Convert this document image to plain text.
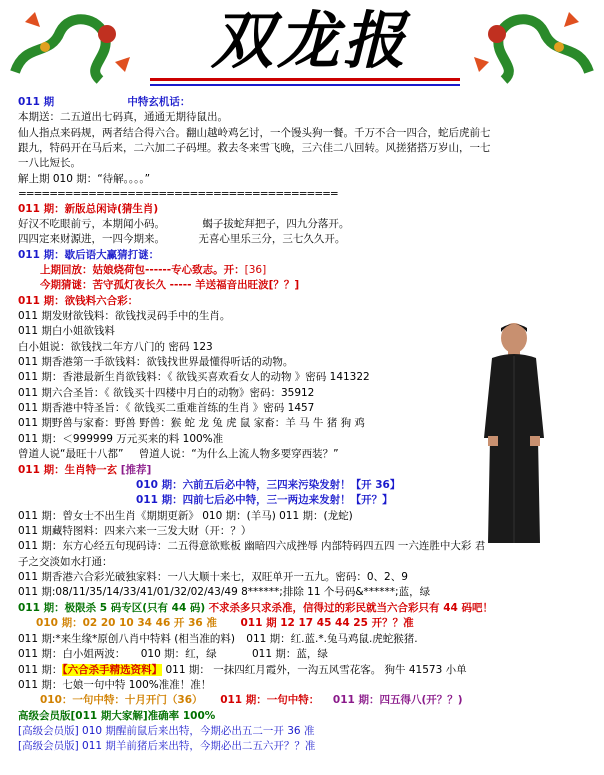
双龙报
011 期	中特玄机话：
本期送：二五道出七码真，通通无期待鼠出。
仙人指点来码规，两者结合得六合。翻山越岭鸡乞讨，一个馒头狗一餐。千万不合一四合，蛇后虎前七
跟九，特码开在马后来，二六加二子码埋。救去冬来雪飞晚，三六佳二八回转。风搓猪搭万岁山，一七
一八比短长。
解上期 010 期：“待解。。。。”
=========================================
011 期：新版总闲诗(猜生肖)
好汉不吃眼前亏，本期闻小码。	蝎子拔蛇拜把子，四九分落开。
四四定来财源进，一四今期来。	无喜心里乐三分，三七久久开。
011 期：歇后语大赢猜打谜：
上期回放：姑娘烧荷包------专心致志。开：[36]
今期猜谜：苦守孤灯夜长久 ----- 羊送福音出旺波[？？]
011 期：欲钱料六合彩：
011 期发财欲钱料：欲钱找灵码手中的生肖。
011 期白小姐欲钱料
白小姐说：欲钱找二年方八门的 密码 123
011 期香港第一手欲钱料：欲钱找世界最懂得听话的动物。
011 期：香港最新生肖欲钱料：《 欲钱买喜欢看女人的动物 》密码 141322
011 期六合圣旨：《 欲钱买十四楼中月白的动物》密码：35912
011 期香港中特圣旨：《 欲钱买二重难首练的生肖 》密码 1457
011 期野兽与家畜：野兽 野兽：猴 蛇 龙 兔 虎 鼠 家畜：羊 马 牛 猪 狗 鸡
011 期：＜999999 万元买来的料 100%准
曾道人说“最旺十八都” 曾道人说：“为什么上流人物多要穿西装？”
011 期：生肖特一玄 [推荐]
010 期：六前五后必中特，三四来污染发射！【开 36】
011 期：四前七后必中特，三一两边来发射！【开？】
011 期：曾女士不出生肖《期期更新》 010 期：(羊马) 011 期：(龙蛇)
011 期藏特图料：四来六来一三发大财（开：？）
011 期：东方心经五句现码诗：二五得意欲账板 幽暗四六成挫辱 内部特码四五四 一六连胜中大彩 君
子之交淡如水打通：
011 期香港六合彩光破独家料：一八大顺十来七，双旺单开一五九。密码：0、2、9
011 期:08/11/35/14/33/41/01/32/02/43/49 8******;排除 11 个号码&******;蓝，绿
011 期：极限杀 5 码专区(只有 44 码) 不求杀多只求杀准，信得过的彩民就当六合彩只有 44 码吧！
010 期：02 20 10 34 46 开 36 准 011 期 12 17 45 44 25 开？？准
011 期:*来生缘*原创八肖中特料 (相当准的料) 011 期：红.蓝.*.兔马鸡鼠.虎蛇猴猪.
011 期：白小姐两波： 010 期：红，绿	011 期：蓝，绿
011 期：【六合杀手精选资料】 011 期： 一抹四红月霞外，一沟五风雪花客。 狗牛 41573 小单
011 期：七娘一句中特 100%准准！准！
010：一句中特：十月开门（36） 011 期：一句中特： 011 期：四五得八(开？？)
高级会员版[011 期大家解]准确率 100%
[高级会员版] 010 期醒前鼠后来出特，今期必出五二一开 36 准
[高级会员版] 011 期羊前猪后来出特，今期必出二五六开？？准
